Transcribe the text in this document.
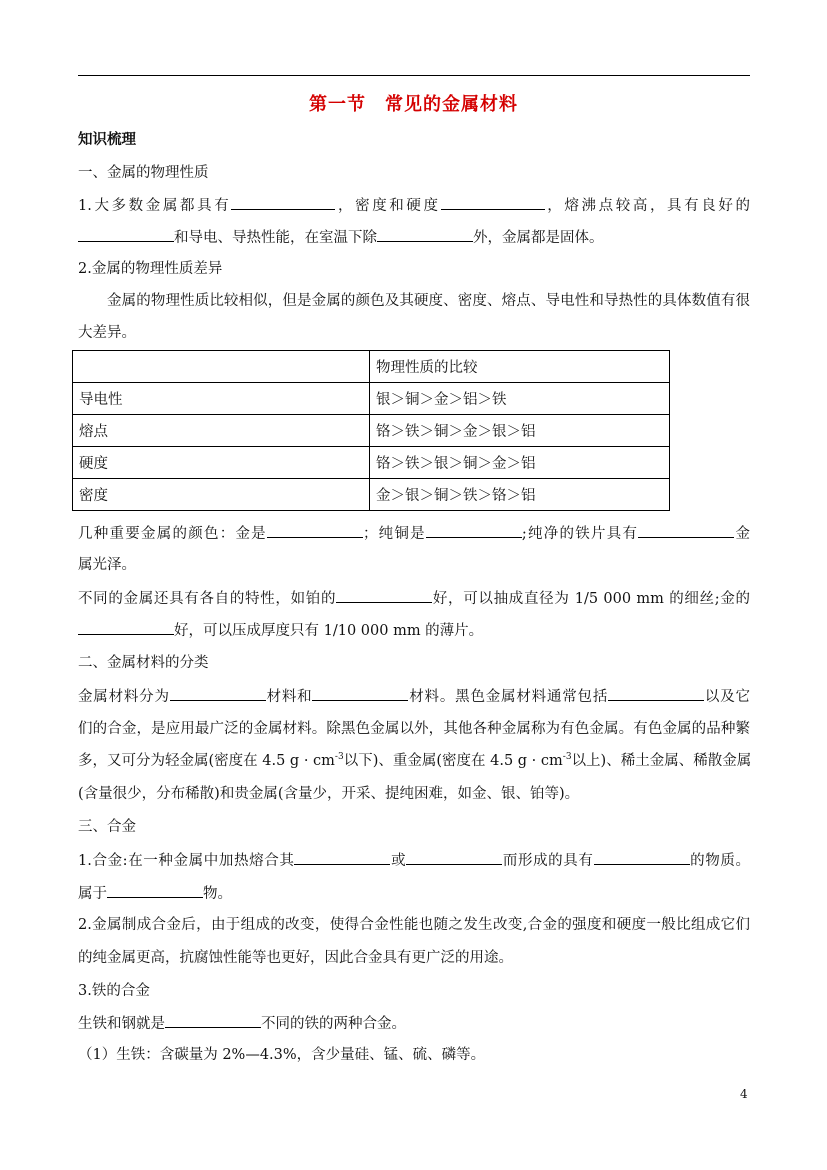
第一节　常见的金属材料
知识梳理
一、金属的物理性质
1.大多数金属都具有	，密度和硬度	，熔沸点较高，具有良好的
和导电、导热性能，在室温下除	外，金属都是固体。
2.金属的物理性质差异
金属的物理性质比较相似，但是金属的颜色及其硬度、密度、熔点、导电性和导热性的具体数值有很
大差异。
	物理性质的比较
导电性	银＞铜＞金＞铝＞铁
熔点	铬＞铁＞铜＞金＞银＞铝
硬度	铬＞铁＞银＞铜＞金＞铝
密度	金＞银＞铜＞铁＞铬＞铝
几种重要金属的颜色：金是	；纯铜是	;纯净的铁片具有	金
属光泽。
不同的金属还具有各自的特性，如铂的	好，可以抽成直径为 1/5 000 mm 的细丝;金的
好，可以压成厚度只有 1/10 000 mm 的薄片。
二、金属材料的分类
金属材料分为	材料和	材料。黑色金属材料通常包括	以及它
们的合金，是应用最广泛的金属材料。除黑色金属以外，其他各种金属称为有色金属。有色金属的品种繁
多，又可分为轻金属(密度在 4.5 $g \cdot cm^{-3}$以下)、重金属(密度在 4.5 $g \cdot cm^{-3}$以上)、稀土金属、稀散金属
(含量很少，分布稀散)和贵金属(含量少，开采、提纯困难，如金、银、铂等)。
三、合金
1.合金:在一种金属中加热熔合其	或	而形成的具有	的物质。
属于	物。
2.金属制成合金后，由于组成的改变，使得合金性能也随之发生改变,合金的强度和硬度一般比组成它们
的纯金属更高，抗腐蚀性能等也更好，因此合金具有更广泛的用途。
3.铁的合金
生铁和钢就是	不同的铁的两种合金。
（1）生铁：含碳量为 2%—4.3%，含少量硅、锰、硫、磷等。
4
